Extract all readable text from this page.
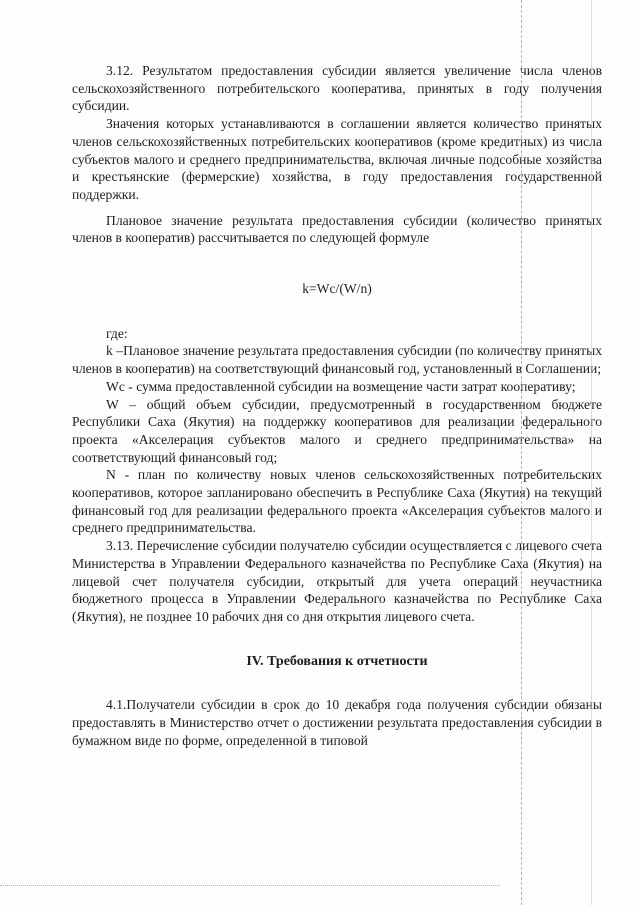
3.12. Результатом предоставления субсидии является увеличение числа членов сельскохозяйственного потребительского кооператива, принятых в году получения субсидии.

Значения которых устанавливаются в соглашении является количество принятых членов сельскохозяйственных потребительских кооперативов (кроме кредитных) из числа субъектов малого и среднего предпринимательства, включая личные подсобные хозяйства и крестьянские (фермерские) хозяйства, в году предоставления государственной поддержки.

Плановое значение результата предоставления субсидии (количество принятых членов в кооператив) рассчитывается по следующей формуле

k=Wc/(W/n)

где:

k –Плановое значение результата предоставления субсидии (по количеству принятых членов в кооператив) на соответствующий финансовый год, установленный в Соглашении;

Wc - сумма предоставленной субсидии на возмещение части затрат кооперативу;

W – общий объем субсидии, предусмотренный в государственном бюджете Республики Саха (Якутия) на поддержку кооперативов для реализации федерального проекта «Акселерация субъектов малого и среднего предпринимательства» на соответствующий финансовый год;

N - план по количеству новых членов сельскохозяйственных потребительских кооперативов, которое запланировано обеспечить в Республике Саха (Якутия) на текущий финансовый год для реализации федерального проекта «Акселерация субъектов малого и среднего предпринимательства.

3.13. Перечисление субсидии получателю субсидии осуществляется с лицевого счета Министерства в Управлении Федерального казначейства по Республике Саха (Якутия) на лицевой счет получателя субсидии, открытый для учета операций неучастника бюджетного процесса в Управлении Федерального казначейства по Республике Саха (Якутия), не позднее 10 рабочих дня со дня открытия лицевого счета.

IV. Требования к отчетности

4.1.Получатели субсидии в срок до 10 декабря года получения субсидии обязаны предоставлять в Министерство отчет о достижении результата предоставления субсидии в бумажном виде по форме, определенной в типовой
